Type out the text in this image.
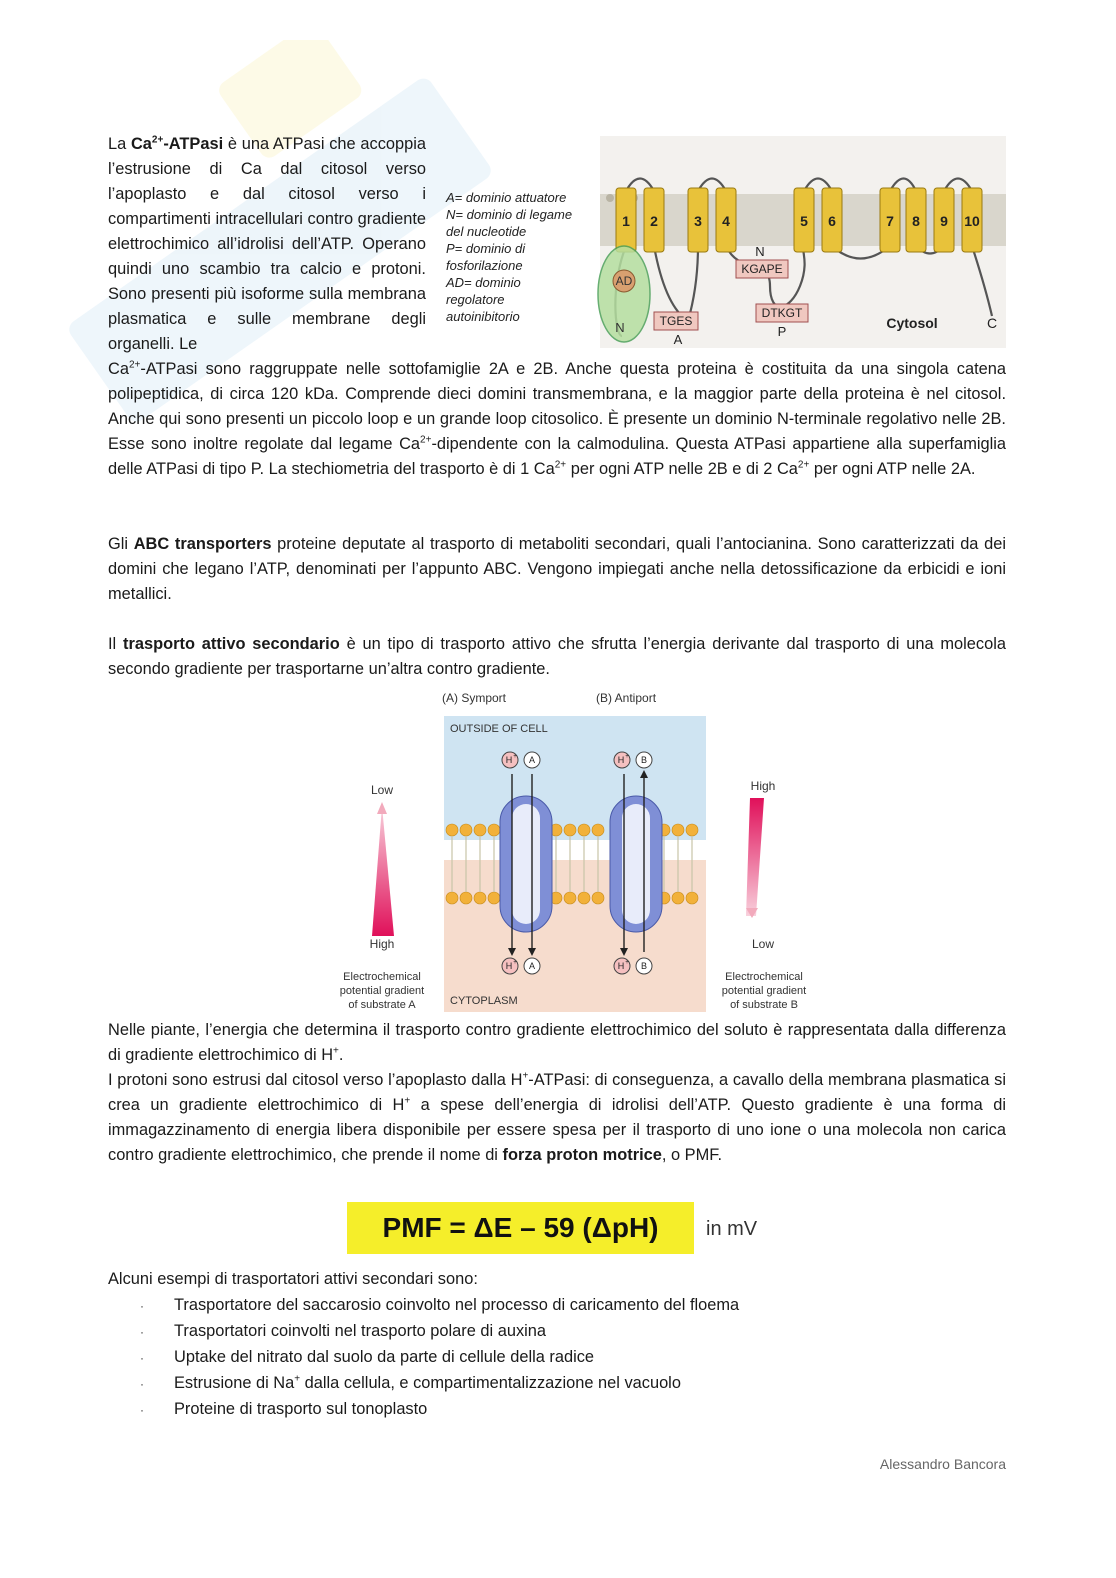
La $Ca^{2+}$-ATPasi è una ATPasi che accoppia l’estrusione di Ca dal citosol verso l’apoplasto e dal citosol verso i compartimenti intracellulari contro gradiente elettrochimico all’idrolisi dell’ATP. Operano quindi uno scambio tra calcio e protoni. Sono presenti più isoforme sulla membrana plasmatica e sulle membrane degli organelli. Le
A= dominio attuatore
N= dominio di legame
del nucleotide
P= dominio di
fosforilazione
AD= dominio
regolatore
autoinibitorio
1 2	3 4	5 6	7 8 9 10
AD
N	TGES
A
N
KGAPE
DTKGT
P
Cytosol	C
$Ca^{2+}$-ATPasi sono raggruppate nelle sottofamiglie 2A e 2B. Anche questa proteina è costituita da una singola catena polipeptidica, di circa 120 kDa. Comprende dieci domini transmembrana, e la maggior parte della proteina è nel citosol. Anche qui sono presenti un piccolo loop e un grande loop citosolico. È presente un dominio N-terminale regolativo nelle 2B. Esse sono inoltre regolate dal legame $Ca^{2+}$-dipendente con la calmodulina. Questa ATPasi appartiene alla superfamiglia delle ATPasi di tipo P. La stechiometria del trasporto è di 1 $Ca^{2+}$ per ogni ATP nelle 2B e di 2 $Ca^{2+}$ per ogni ATP nelle 2A.
Gli ABC transporters proteine deputate al trasporto di metaboliti secondari, quali l’antocianina. Sono caratterizzati da dei domini che legano l’ATP, denominati per l’appunto ABC. Vengono impiegati anche nella detossificazione da erbicidi e ioni metallici.
Il trasporto attivo secondario è un tipo di trasporto attivo che sfrutta l’energia derivante dal trasporto di una molecola secondo gradiente per trasportarne un’altra contro gradiente.
H A	H B
H A	H B
+	+
+	+
(A) Symport	(B) Antiport
OUTSIDE OF CELL
CYTOPLASM
Low
High
High
Low
Electrochemical
potential gradient
of substrate A
Electrochemical
potential gradient
of substrate B
Nelle piante, l’energia che determina il trasporto contro gradiente elettrochimico del soluto è rappresentata dalla differenza di gradiente elettrochimico di H+.
I protoni sono estrusi dal citosol verso l’apoplasto dalla H+-ATPasi: di conseguenza, a cavallo della membrana plasmatica si crea un gradiente elettrochimico di H+ a spese dell’energia di idrolisi dell’ATP. Questo gradiente è una forma di immagazzinamento di energia libera disponibile per essere spesa per il trasporto di uno ione o una molecola non carica contro gradiente elettrochimico, che prende il nome di forza proton motrice, o PMF.
PMF = ΔE – 59 (ΔpH)	in mV
Alcuni esempi di trasportatori attivi secondari sono:
· Trasportatore del saccarosio coinvolto nel processo di caricamento del floema
· Trasportatori coinvolti nel trasporto polare di auxina
· Uptake del nitrato dal suolo da parte di cellule della radice
· Estrusione di Na+ dalla cellula, e compartimentalizzazione nel vacuolo
· Proteine di trasporto sul tonoplasto
Alessandro Bancora
